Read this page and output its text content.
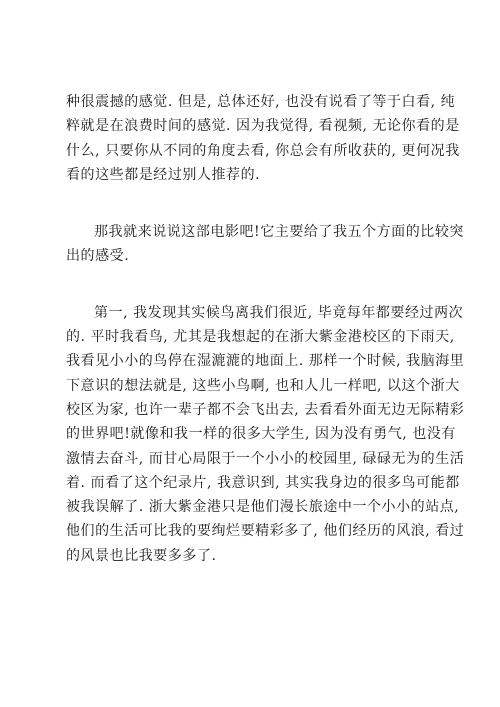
种很震撼的感觉. 但是, 总体还好, 也没有说看了等于白看, 纯
粹就是在浪费时间的感觉. 因为我觉得, 看视频, 无论你看的是
什么, 只要你从不同的角度去看, 你总会有所收获的, 更何况我
看的这些都是经过别人推荐的.

那我就来说说这部电影吧!它主要给了我五个方面的比较突
出的感受.

第一, 我发现其实候鸟离我们很近, 毕竟每年都要经过两次
的. 平时我看鸟, 尤其是我想起的在浙大紫金港校区的下雨天,
我看见小小的鸟停在湿漉漉的地面上. 那样一个时候, 我脑海里
下意识的想法就是, 这些小鸟啊, 也和人儿一样吧, 以这个浙大
校区为家, 也许一辈子都不会飞出去, 去看看外面无边无际精彩
的世界吧!就像和我一样的很多大学生, 因为没有勇气, 也没有
激情去奋斗, 而甘心局限于一个小小的校园里, 碌碌无为的生活
着. 而看了这个纪录片, 我意识到, 其实我身边的很多鸟可能都
被我误解了. 浙大紫金港只是他们漫长旅途中一个小小的站点,
他们的生活可比我的要绚烂要精彩多了, 他们经历的风浪, 看过
的风景也比我要多多了.
